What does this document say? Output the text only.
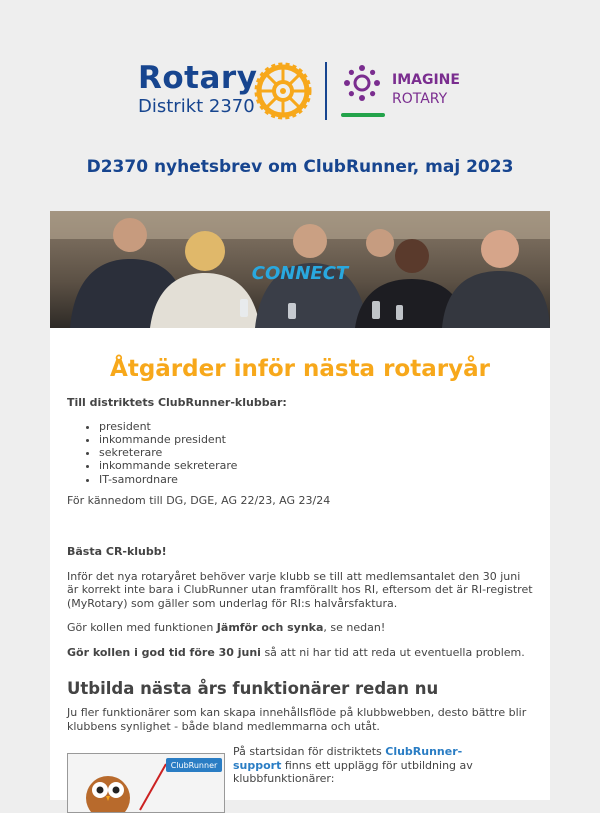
Rotary
Distrikt 2370
IMAGINE
ROTARY
D2370 nyhetsbrev om ClubRunner, maj 2023
CONNECT
Åtgärder inför nästa rotaryår

Till distriktets ClubRunner-klubbar:

• president
• inkommande president
• sekreterare
• inkommande sekreterare
• IT-samordnare

För kännedom till DG, DGE, AG 22/23, AG 23/24

Bästa CR-klubb!

Inför det nya rotaryåret behöver varje klubb se till att medlemsantalet den 30 juni är korrekt inte bara i ClubRunner utan framförallt hos RI, eftersom det är RI-registret (MyRotary) som gäller som underlag för RI:s halvårsfaktura.

Gör kollen med funktionen Jämför och synka, se nedan!

Gör kollen i god tid före 30 juni så att ni har tid att reda ut eventuella problem.

Utbilda nästa års funktionärer redan nu

Ju fler funktionärer som kan skapa innehållsflöde på klubbwebben, desto bättre blir klubbens synlighet - både bland medlemmarna och utåt.

ClubRunner

På startsidan för distriktets ClubRunner-support finns ett upplägg för utbildning av klubbfunktionärer:
